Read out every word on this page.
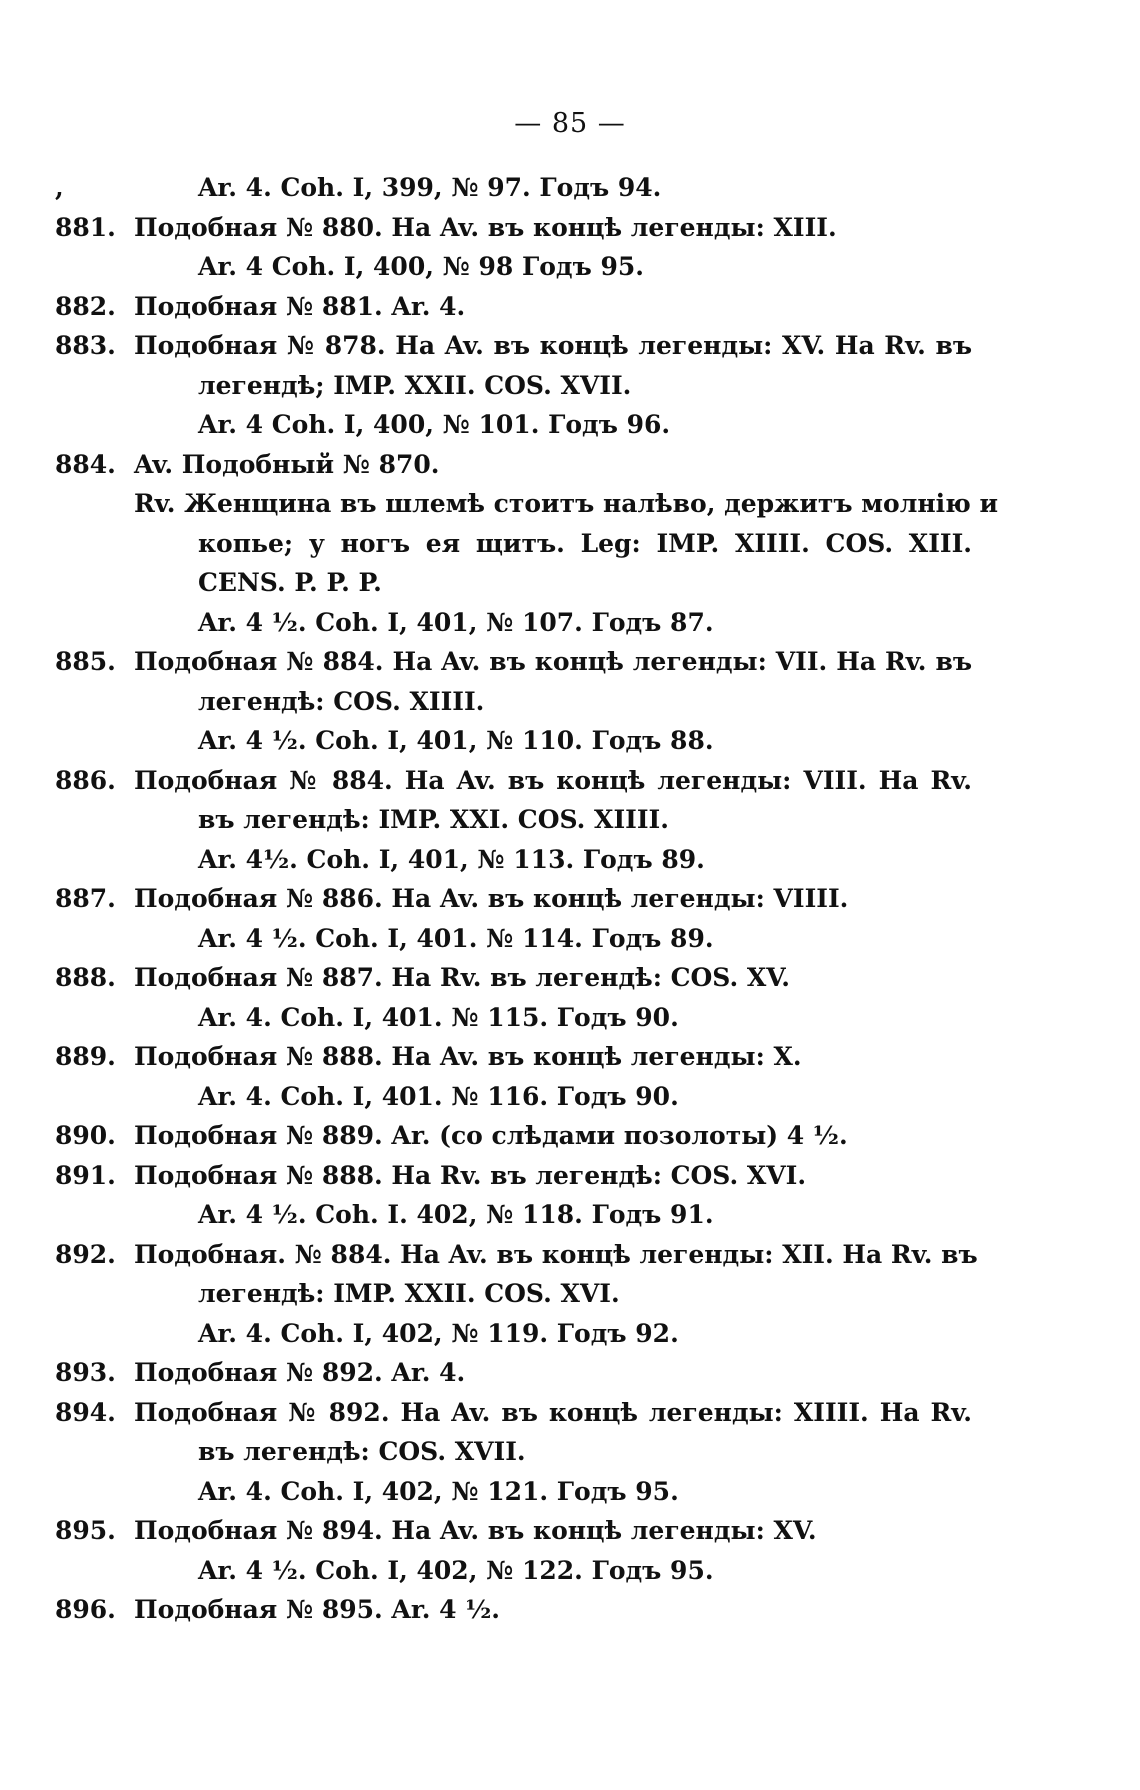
— 85 —
,	Ar. 4. Coh. I, 399, № 97. Годъ 94.
881. Подобная № 880. На Av. въ концѣ легенды: XIII.
Ar. 4 Coh. I, 400, № 98 Годъ 95.
882. Подобная № 881. Ar. 4.
883. Подобная № 878. На Av. въ концѣ легенды: XV. На Rv. въ
легендѣ; IMP. XXII. COS. XVII.
Ar. 4 Coh. I, 400, № 101. Годъ 96.
884. Av. Подобный № 870.
Rv. Женщина въ шлемѣ стоитъ налѣво, держитъ молнію и
копье; у ногъ ея щитъ. Leg: IMP. XIIII. COS. XIII.
CENS. P. P. P.
Ar. 4 ½. Coh. I, 401, № 107. Годъ 87.
885. Подобная № 884. На Av. въ концѣ легенды: VII. На Rv. въ
легендѣ: COS. XIIII.
Ar. 4 ½. Coh. I, 401, № 110. Годъ 88.
886. Подобная № 884. На Av. въ концѣ легенды: VIII. На Rv.
въ легендѣ: IMP. XXI. COS. XIIII.
Ar. 4½. Coh. I, 401, № 113. Годъ 89.
887. Подобная № 886. На Av. въ концѣ легенды: VIIII.
Ar. 4 ½. Coh. I, 401. № 114. Годъ 89.
888. Подобная № 887. На Rv. въ легендѣ: COS. XV.
Ar. 4. Coh. I, 401. № 115. Годъ 90.
889. Подобная № 888. На Av. въ концѣ легенды: X.
Ar. 4. Coh. I, 401. № 116. Годъ 90.
890. Подобная № 889. Ar. (со слѣдами позолоты) 4 ½.
891. Подобная № 888. На Rv. въ легендѣ: COS. XVI.
Ar. 4 ½. Coh. I. 402, № 118. Годъ 91.
892. Подобная. № 884. На Av. въ концѣ легенды: XII. На Rv. въ
легендѣ: IMP. XXII. COS. XVI.
Ar. 4. Coh. I, 402, № 119. Годъ 92.
893. Подобная № 892. Ar. 4.
894. Подобная № 892. На Av. въ концѣ легенды: XIIII. На Rv.
въ легендѣ: COS. XVII.
Ar. 4. Coh. I, 402, № 121. Годъ 95.
895. Подобная № 894. На Av. въ концѣ легенды: XV.
Ar. 4 ½. Coh. I, 402, № 122. Годъ 95.
896. Подобная № 895. Ar. 4 ½.
